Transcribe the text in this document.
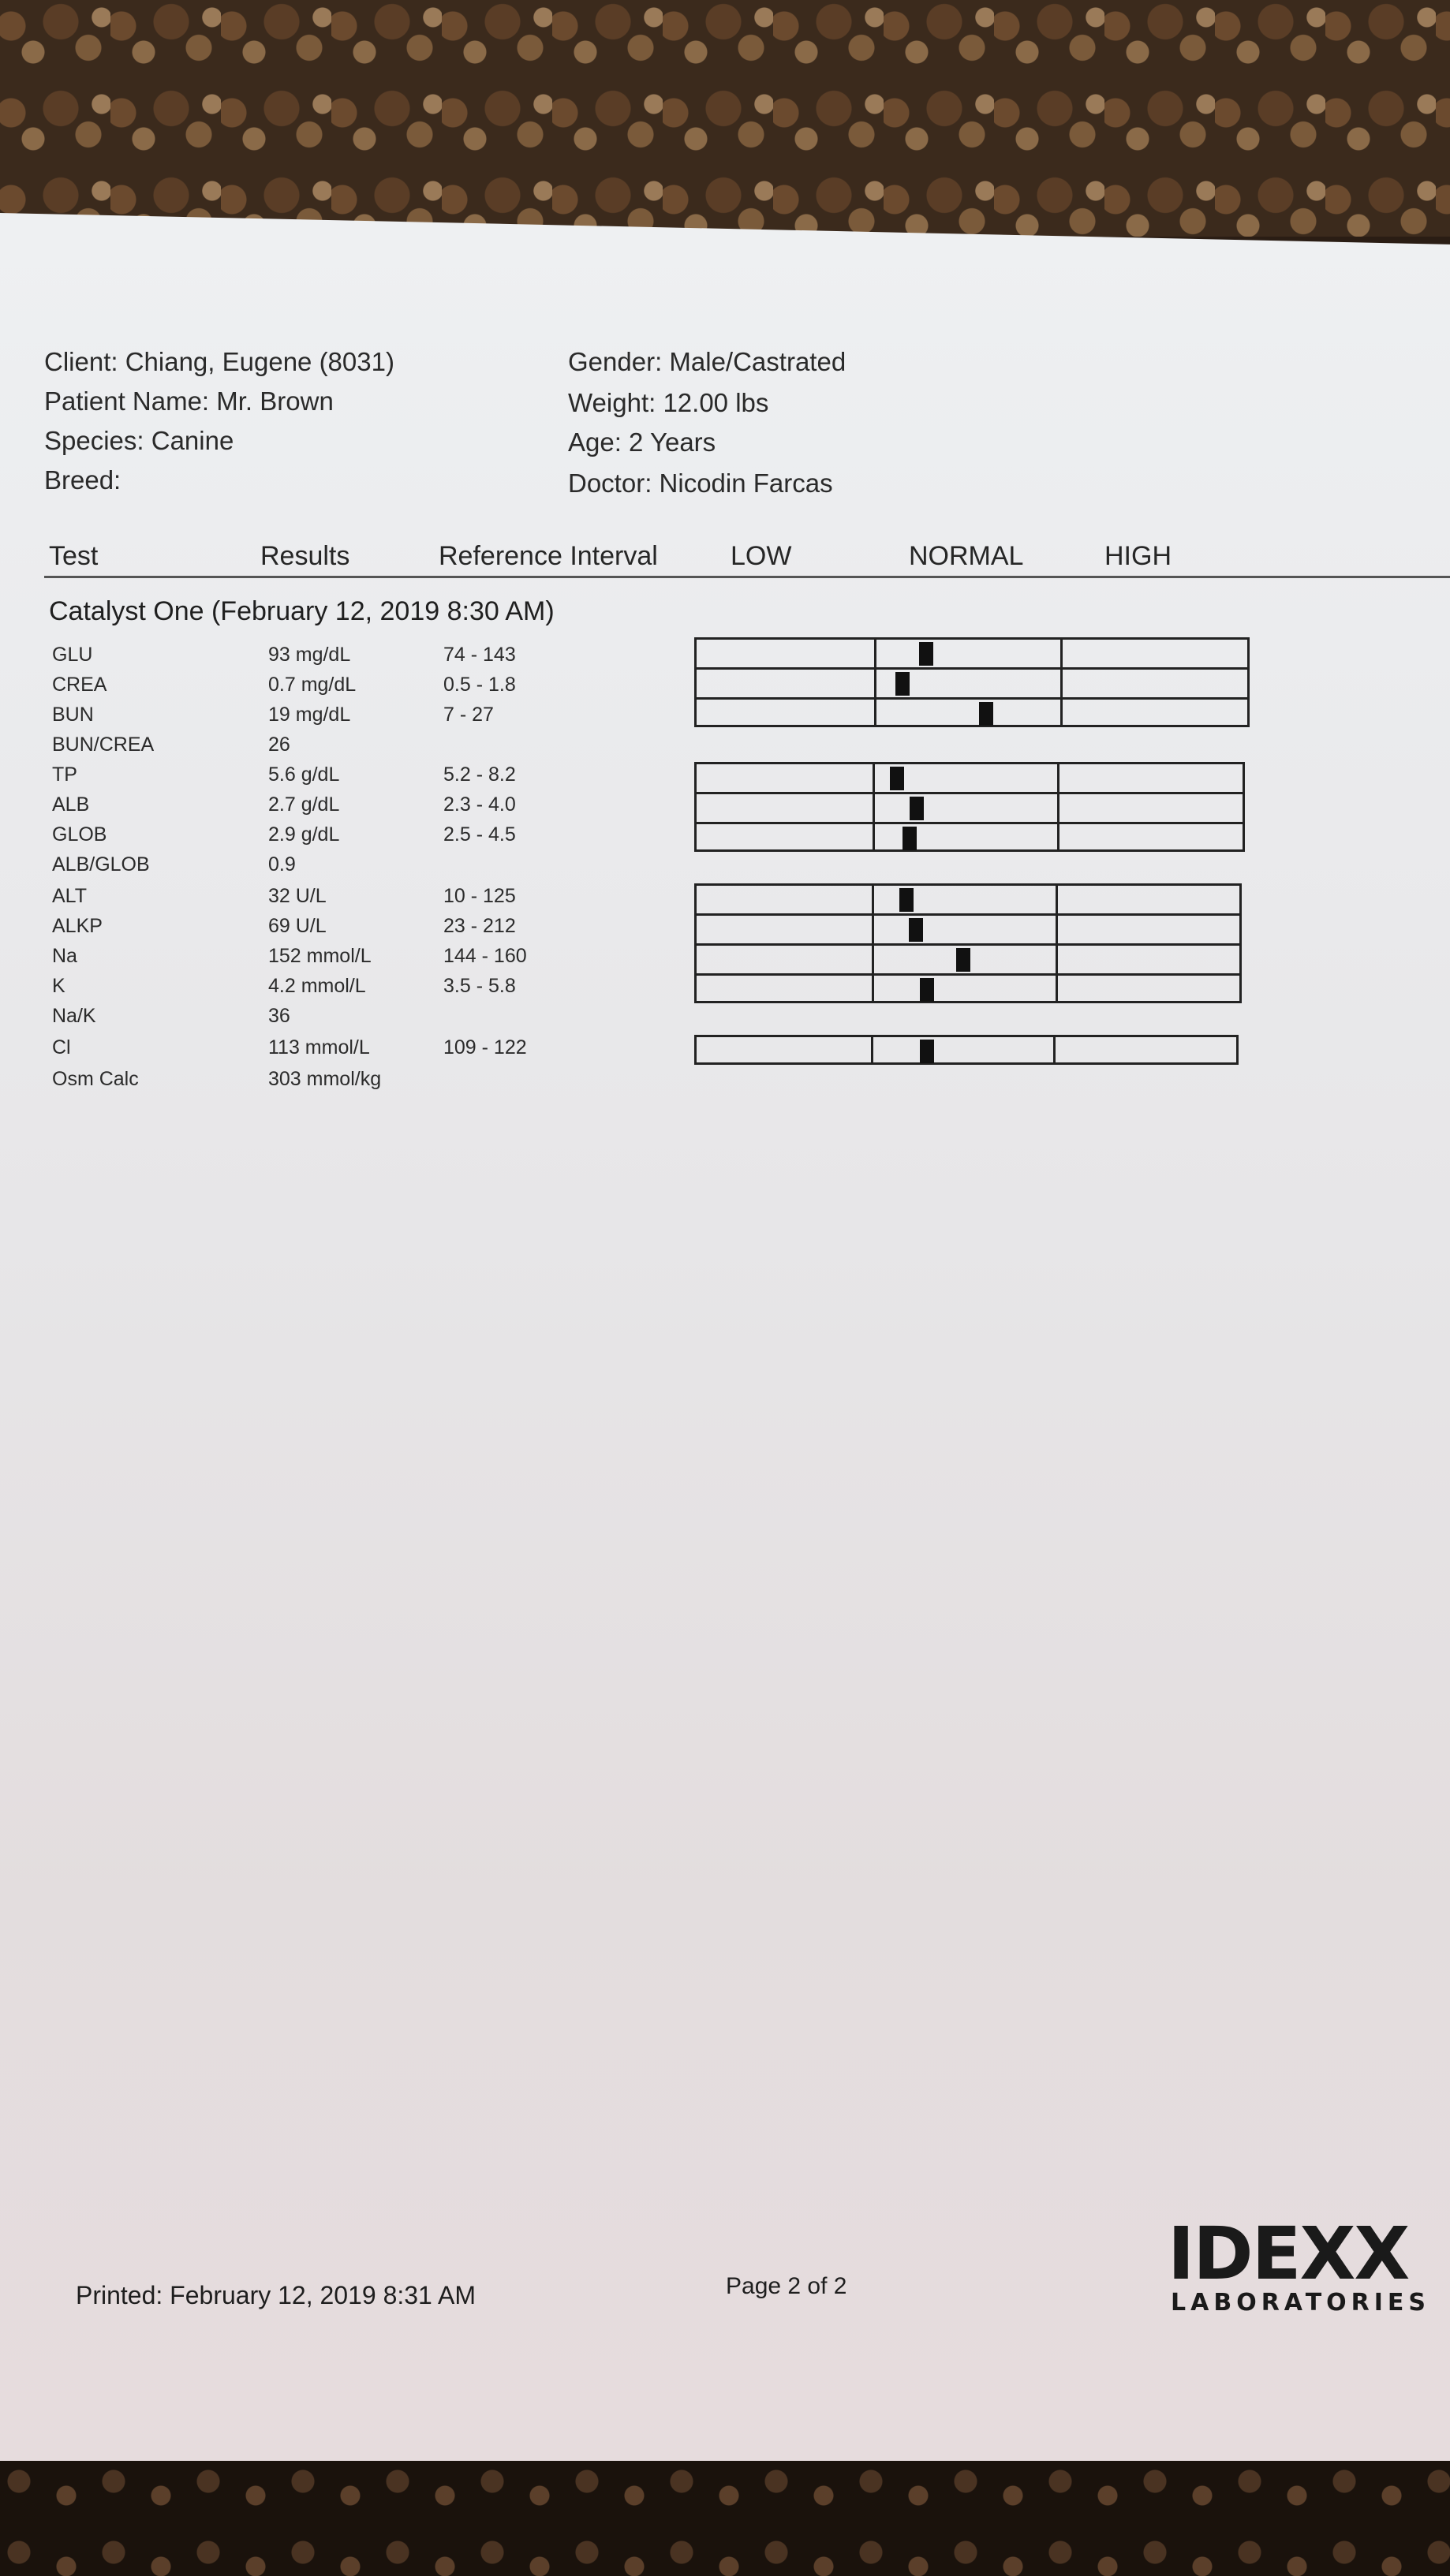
Client: Chiang, Eugene (8031)
Patient Name: Mr. Brown
Species: Canine
Breed:
Gender: Male/Castrated
Weight: 12.00 lbs
Age: 2 Years
Doctor: Nicodin Farcas
Test	Results	Reference Interval	LOW	NORMAL	HIGH
Catalyst One (February 12, 2019 8:30 AM)
GLU	93 mg/dL	74 - 143
CREA	0.7 mg/dL	0.5 - 1.8
BUN	19 mg/dL	7 - 27
BUN/CREA	26
TP	5.6 g/dL	5.2 - 8.2
ALB	2.7 g/dL	2.3 - 4.0
GLOB	2.9 g/dL	2.5 - 4.5
ALB/GLOB	0.9
ALT	32 U/L	10 - 125
ALKP	69 U/L	23 - 212
Na	152 mmol/L	144 - 160
K	4.2 mmol/L	3.5 - 5.8
Na/K	36
Cl	113 mmol/L	109 - 122
Osm Calc	303 mmol/kg
Printed: February 12, 2019 8:31 AM	Page 2 of 2	IDEXX
LABORATORIES
